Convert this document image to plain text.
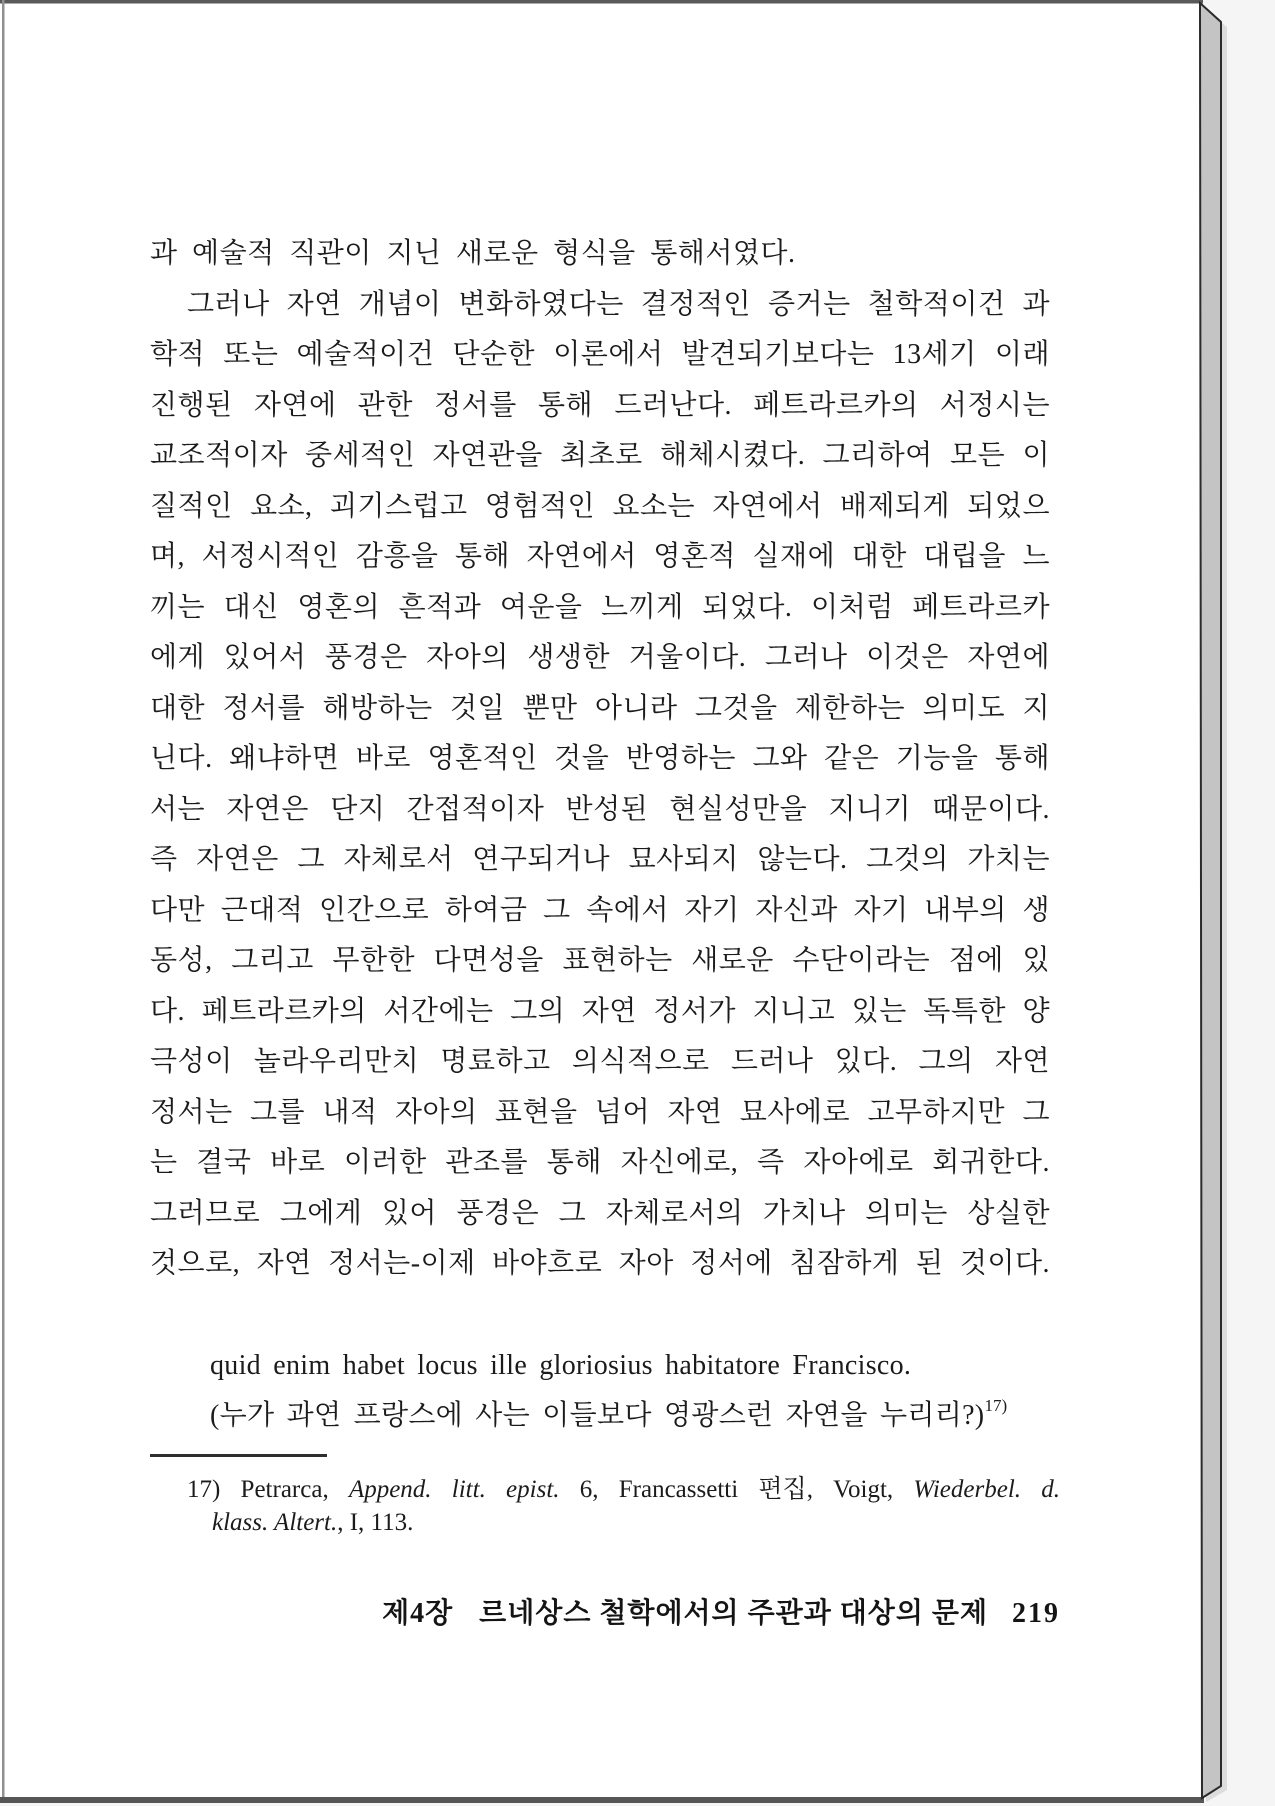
과 예술적 직관이 지닌 새로운 형식을 통해서였다.

그러나 자연 개념이 변화하였다는 결정적인 증거는 철학적이건 과

학적 또는 예술적이건 단순한 이론에서 발견되기보다는 13세기 이래

진행된 자연에 관한 정서를 통해 드러난다. 페트라르카의 서정시는

교조적이자 중세적인 자연관을 최초로 해체시켰다. 그리하여 모든 이

질적인 요소, 괴기스럽고 영험적인 요소는 자연에서 배제되게 되었으

며, 서정시적인 감흥을 통해 자연에서 영혼적 실재에 대한 대립을 느

끼는 대신 영혼의 흔적과 여운을 느끼게 되었다. 이처럼 페트라르카

에게 있어서 풍경은 자아의 생생한 거울이다. 그러나 이것은 자연에

대한 정서를 해방하는 것일 뿐만 아니라 그것을 제한하는 의미도 지

닌다. 왜냐하면 바로 영혼적인 것을 반영하는 그와 같은 기능을 통해

서는 자연은 단지 간접적이자 반성된 현실성만을 지니기 때문이다.

즉 자연은 그 자체로서 연구되거나 묘사되지 않는다. 그것의 가치는

다만 근대적 인간으로 하여금 그 속에서 자기 자신과 자기 내부의 생

동성, 그리고 무한한 다면성을 표현하는 새로운 수단이라는 점에 있

다. 페트라르카의 서간에는 그의 자연 정서가 지니고 있는 독특한 양

극성이 놀라우리만치 명료하고 의식적으로 드러나 있다. 그의 자연

정서는 그를 내적 자아의 표현을 넘어 자연 묘사에로 고무하지만 그

는 결국 바로 이러한 관조를 통해 자신에로, 즉 자아에로 회귀한다.

그러므로 그에게 있어 풍경은 그 자체로서의 가치나 의미는 상실한

것으로, 자연 정서는-이제 바야흐로 자아 정서에 침잠하게 된 것이다.

quid enim habet locus ille gloriosius habitatore Francisco.

(누가 과연 프랑스에 사는 이들보다 영광스런 자연을 누리리?)$^{17)}$

17) Petrarca, Append. litt. epist. 6, Francassetti 편집, Voigt, Wiederbel. d.

klass. Altert., I, 113.

제4장 르네상스 철학에서의 주관과 대상의 문제 219
